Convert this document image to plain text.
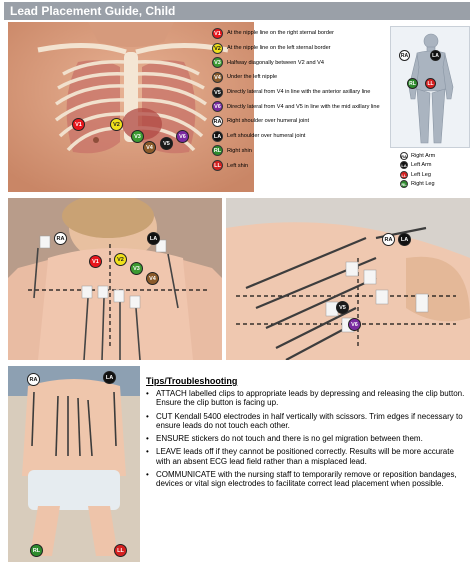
Lead Placement Guide, Child
V1	V2
V3
V4
V5
V6
V1	At the nipple line on the right sternal border
V2	At the nipple line on the left sternal border
V3	Halfway diagonally between V2 and V4
V4	Under the left nipple
V5	Directly lateral from V4 in line with the anterior axillary line
V6	Directly lateral from V4 and V5 in line with the mid axillary line
RA Right shoulder over humeral joint
LA	Left shoulder over humeral joint
RL	Right shin
LL	Left shin
RA	LA
RL	LL
RA Right Arm
LA Left Arm
LL Left Leg
RL Right Leg
RA	LA
V1	V2
V3
V4
RA	LA
V5
V6
RA	LA
RL	LL
Tips/Troubleshooting
• ATTACH labelled clips to appropriate leads by depressing and releasing the clip button. Ensure the clip button is facing up.
• CUT Kendall 5400 electrodes in half vertically with scissors. Trim edges if necessary to ensure leads do not touch each other.
• ENSURE stickers do not touch and there is no gel migration between them.
• LEAVE leads off if they cannot be positioned correctly. Results will be more accurate with an absent ECG lead field rather than a misplaced lead.
• COMMUNICATE with the nursing staff to temporarily remove or reposition bandages, devices or vital sign electrodes to facilitate correct lead placement when possible.
